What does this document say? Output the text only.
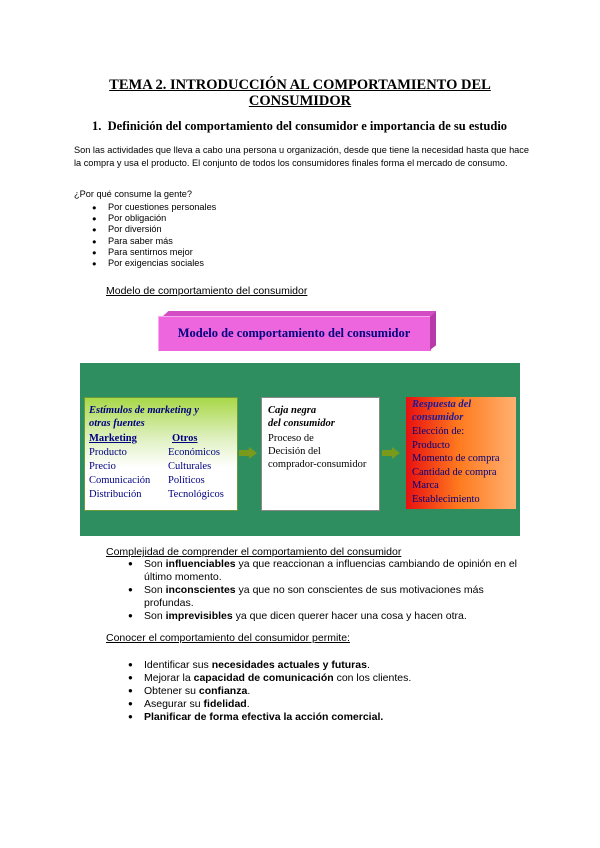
TEMA 2. INTRODUCCIÓN AL COMPORTAMIENTO DEL
CONSUMIDOR
1. Definición del comportamiento del consumidor e importancia de su estudio
Son las actividades que lleva a cabo una persona u organización, desde que tiene la necesidad hasta que hace la compra y usa el producto. El conjunto de todos los consumidores finales forma el mercado de consumo.
¿Por qué consume la gente?
● Por cuestiones personales
● Por obligación
● Por diversión
● Para saber más
● Para sentirnos mejor
● Por exigencias sociales
Modelo de comportamiento del consumidor
Modelo de comportamiento del consumidor
Estímulos de marketing y
otras fuentes
Marketing	Otros
Producto
Precio
Comunicación
Distribución
Económicos
Culturales
Políticos
Tecnológicos
Caja negra
del consumidor
Proceso de
Decisión del
comprador-consumidor
Respuesta del
consumidor
Elección de:
Producto
Momento de compra
Cantidad de compra
Marca
Establecimiento
Complejidad de comprender el comportamiento del consumidor
● Son influenciables ya que reaccionan a influencias cambiando de opinión en el último momento.
● Son inconscientes ya que no son conscientes de sus motivaciones más profundas.
● Son imprevisibles ya que dicen querer hacer una cosa y hacen otra.
Conocer el comportamiento del consumidor permite:
● Identificar sus necesidades actuales y futuras.
● Mejorar la capacidad de comunicación con los clientes.
● Obtener su confianza.
● Asegurar su fidelidad.
● Planificar de forma efectiva la acción comercial.
